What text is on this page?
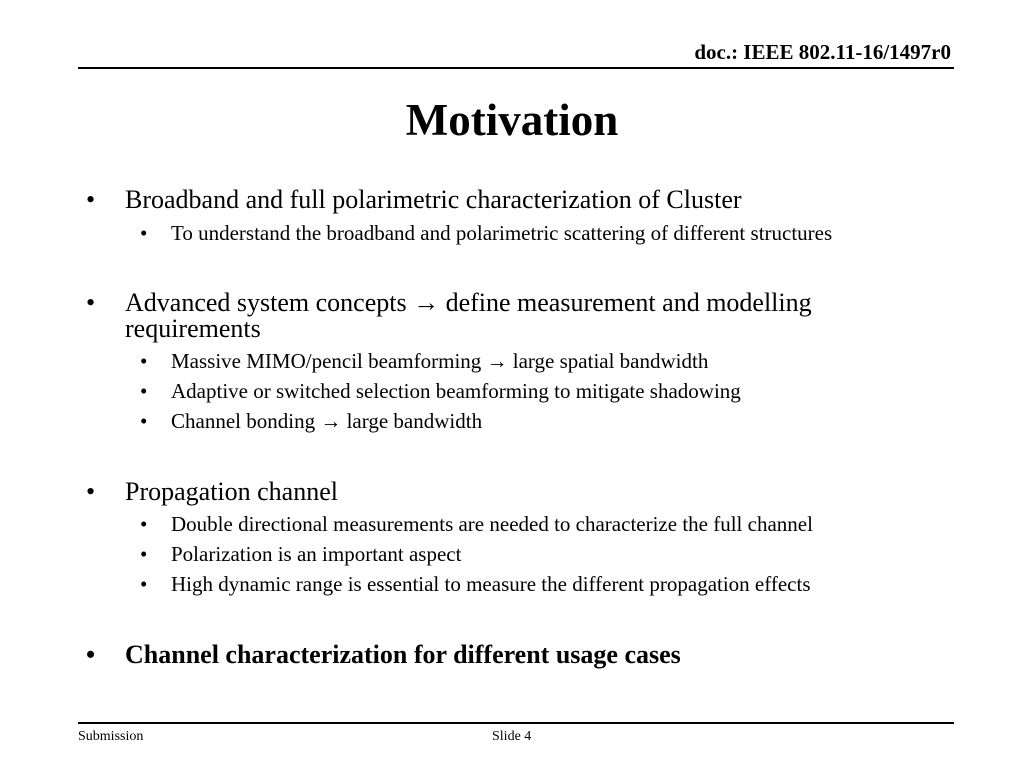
doc.: IEEE 802.11-16/1497r0
Motivation
• Broadband and full polarimetric characterization of Cluster
• To understand the broadband and polarimetric scattering of different structures
• Advanced system concepts → define measurement and modelling
requirements
• Massive MIMO/pencil beamforming → large spatial bandwidth
• Adaptive or switched selection beamforming to mitigate shadowing
• Channel bonding → large bandwidth
• Propagation channel
• Double directional measurements are needed to characterize the full channel
• Polarization is an important aspect
• High dynamic range is essential to measure the different propagation effects
• Channel characterization for different usage cases
Submission	Slide 4
